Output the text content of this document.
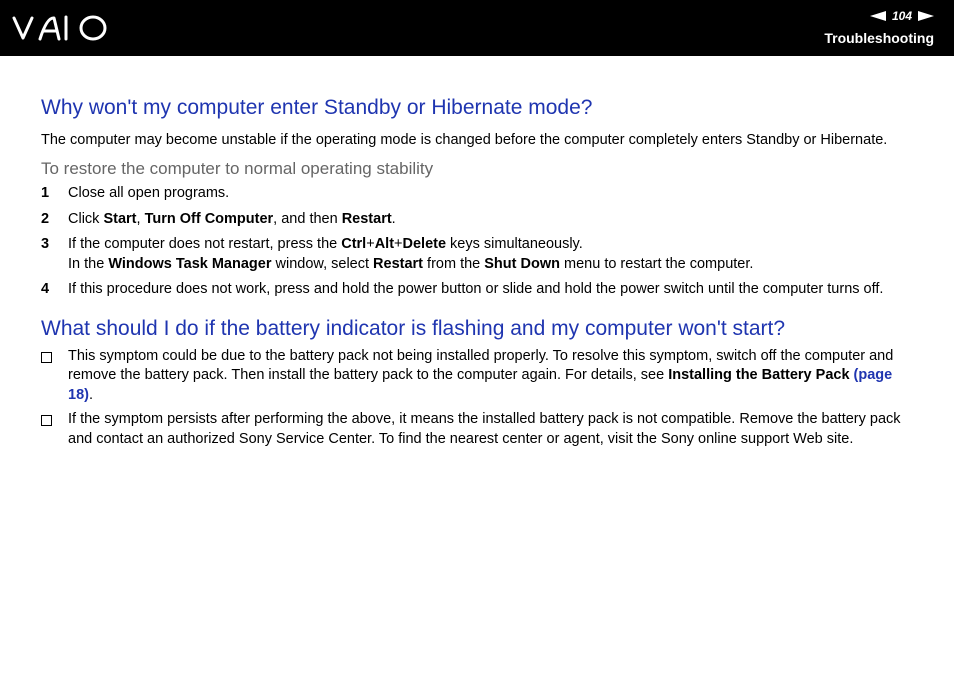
104
Troubleshooting
Why won't my computer enter Standby or Hibernate mode?

The computer may become unstable if the operating mode is changed before the computer completely enters Standby or Hibernate.

To restore the computer to normal operating stability
1	Close all open programs.
2	Click Start, Turn Off Computer, and then Restart.
3	If the computer does not restart, press the Ctrl+Alt+Delete keys simultaneously.
In the Windows Task Manager window, select Restart from the Shut Down menu to restart the computer.
4	If this procedure does not work, press and hold the power button or slide and hold the power switch until the computer turns off.
What should I do if the battery indicator is flashing and my computer won't start?
This symptom could be due to the battery pack not being installed properly. To resolve this symptom, switch off the computer and remove the battery pack. Then install the battery pack to the computer again. For details, see Installing the Battery Pack (page 18).
If the symptom persists after performing the above, it means the installed battery pack is not compatible. Remove the battery pack and contact an authorized Sony Service Center. To find the nearest center or agent, visit the Sony online support Web site.
